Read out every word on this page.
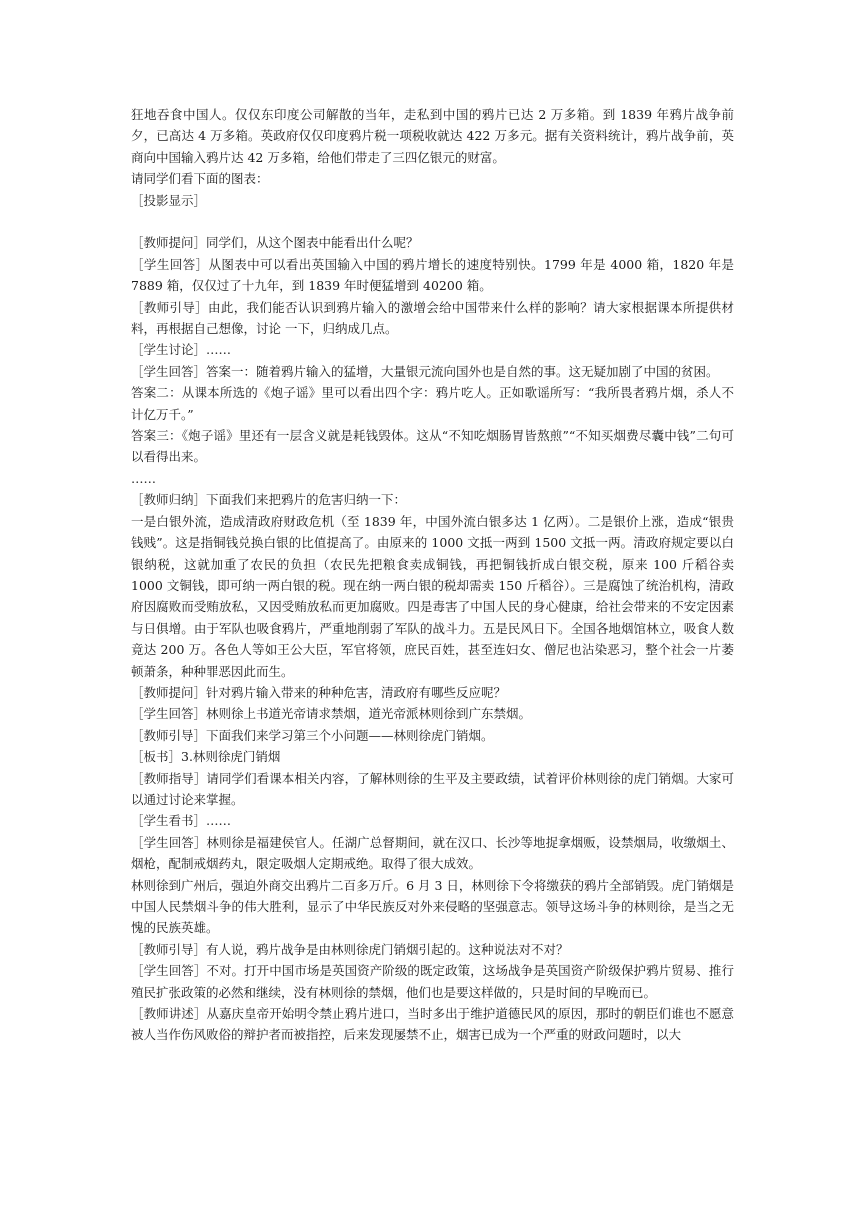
狂地吞食中国人。仅仅东印度公司解散的当年，走私到中国的鸦片已达 2 万多箱。到 1839 年鸦片战争前夕，已高达 4 万多箱。英政府仅仅印度鸦片税一项税收就达 422 万多元。据有关资料统计，鸦片战争前，英商向中国输入鸦片达 42 万多箱，给他们带走了三四亿银元的财富。

请同学们看下面的图表：

［投影显示］

［教师提问］同学们，从这个图表中能看出什么呢？

［学生回答］从图表中可以看出英国输入中国的鸦片增长的速度特别快。1799 年是 4000 箱，1820 年是 7889 箱，仅仅过了十九年，到 1839 年时便猛增到 40200 箱。

［教师引导］由此，我们能否认识到鸦片输入的激增会给中国带来什么样的影响？请大家根据课本所提供材料，再根据自己想像，讨论 一下，归纳成几点。

［学生讨论］……

［学生回答］答案一：随着鸦片输入的猛增，大量银元流向国外也是自然的事。这无疑加剧了中国的贫困。

答案二：从课本所选的《炮子谣》里可以看出四个字：鸦片吃人。正如歌谣所写：“我所畏者鸦片烟，杀人不计亿万千。”

答案三：《炮子谣》里还有一层含义就是耗钱毁体。这从“不知吃烟肠胃皆熬煎”“不知买烟费尽囊中钱”二句可以看得出来。

……

［教师归纳］下面我们来把鸦片的危害归纳一下：

一是白银外流，造成清政府财政危机（至 1839 年，中国外流白银多达 1 亿两）。二是银价上涨，造成“银贵钱贱”。这是指铜钱兑换白银的比值提高了。由原来的 1000 文抵一两到 1500 文抵一两。清政府规定要以白银纳税，这就加重了农民的负担（农民先把粮食卖成铜钱，再把铜钱折成白银交税，原来 100 斤稻谷卖 1000 文铜钱，即可纳一两白银的税。现在纳一两白银的税却需卖 150 斤稻谷）。三是腐蚀了统治机构，清政府因腐败而受贿放私，又因受贿放私而更加腐败。四是毒害了中国人民的身心健康，给社会带来的不安定因素与日俱增。由于军队也吸食鸦片，严重地削弱了军队的战斗力。五是民风日下。全国各地烟馆林立，吸食人数竟达 200 万。各色人等如王公大臣，军官将领，庶民百姓，甚至连妇女、僧尼也沾染恶习，整个社会一片萎顿萧条，种种罪恶因此而生。

［教师提问］针对鸦片输入带来的种种危害，清政府有哪些反应呢？

［学生回答］林则徐上书道光帝请求禁烟，道光帝派林则徐到广东禁烟。

［教师引导］下面我们来学习第三个小问题——林则徐虎门销烟。

［板书］3.林则徐虎门销烟

［教师指导］请同学们看课本相关内容，了解林则徐的生平及主要政绩，试着评价林则徐的虎门销烟。大家可以通过讨论来掌握。

［学生看书］……

［学生回答］林则徐是福建侯官人。任湖广总督期间，就在汉口、长沙等地捉拿烟贩，设禁烟局，收缴烟土、烟枪，配制戒烟药丸，限定吸烟人定期戒绝。取得了很大成效。

林则徐到广州后，强迫外商交出鸦片二百多万斤。6 月 3 日，林则徐下令将缴获的鸦片全部销毁。虎门销烟是中国人民禁烟斗争的伟大胜利，显示了中华民族反对外来侵略的坚强意志。领导这场斗争的林则徐，是当之无愧的民族英雄。

［教师引导］有人说，鸦片战争是由林则徐虎门销烟引起的。这种说法对不对？

［学生回答］不对。打开中国市场是英国资产阶级的既定政策，这场战争是英国资产阶级保护鸦片贸易、推行殖民扩张政策的必然和继续，没有林则徐的禁烟，他们也是要这样做的，只是时间的早晚而已。

［教师讲述］从嘉庆皇帝开始明令禁止鸦片进口，当时多出于维护道德民风的原因，那时的朝臣们谁也不愿意被人当作伤风败俗的辩护者而被指控，后来发现屡禁不止，烟害已成为一个严重的财政问题时，以大
